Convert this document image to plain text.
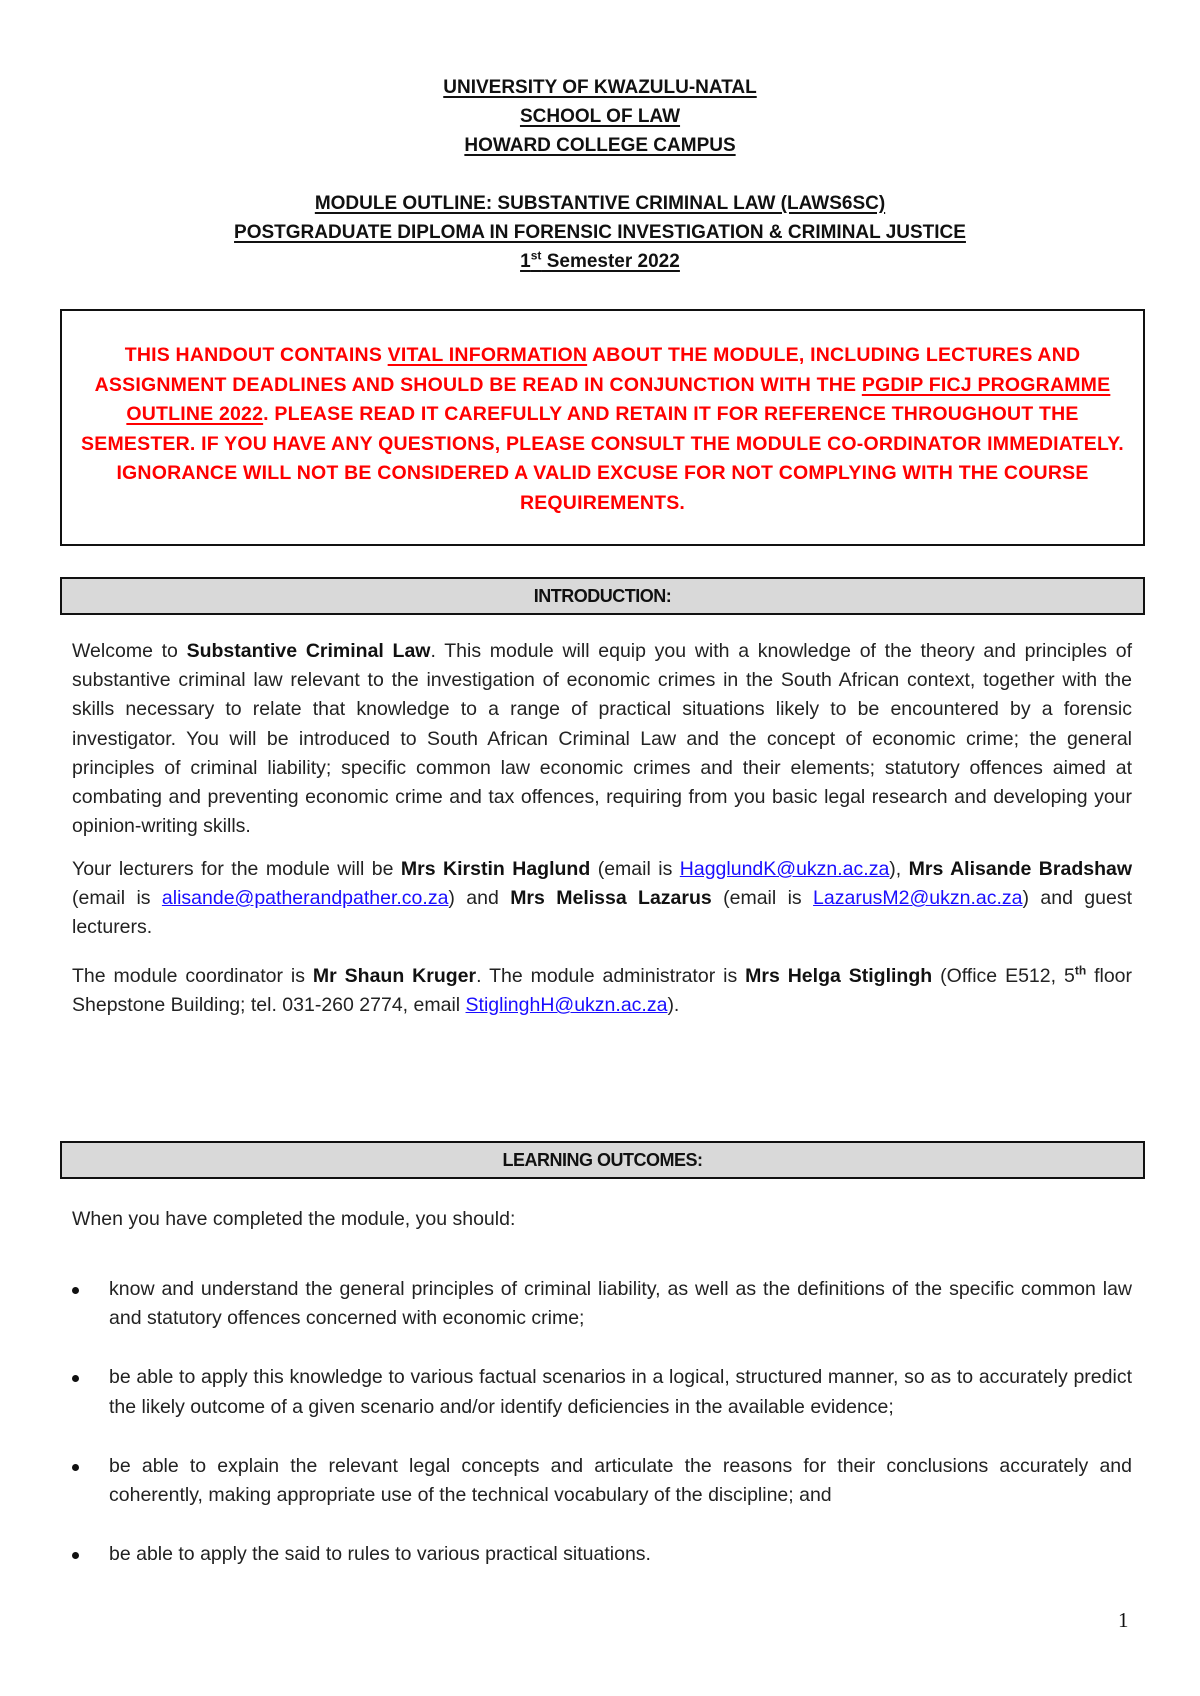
UNIVERSITY OF KWAZULU-NATAL
SCHOOL OF LAW
HOWARD COLLEGE CAMPUS
MODULE OUTLINE: SUBSTANTIVE CRIMINAL LAW (LAWS6SC)
POSTGRADUATE DIPLOMA IN FORENSIC INVESTIGATION & CRIMINAL JUSTICE
1st Semester 2022
THIS HANDOUT CONTAINS VITAL INFORMATION ABOUT THE MODULE, INCLUDING LECTURES AND ASSIGNMENT DEADLINES AND SHOULD BE READ IN CONJUNCTION WITH THE PGDIP FICJ PROGRAMME OUTLINE 2022. PLEASE READ IT CAREFULLY AND RETAIN IT FOR REFERENCE THROUGHOUT THE SEMESTER. IF YOU HAVE ANY QUESTIONS, PLEASE CONSULT THE MODULE CO-ORDINATOR IMMEDIATELY. IGNORANCE WILL NOT BE CONSIDERED A VALID EXCUSE FOR NOT COMPLYING WITH THE COURSE REQUIREMENTS.
INTRODUCTION:
Welcome to Substantive Criminal Law. This module will equip you with a knowledge of the theory and principles of substantive criminal law relevant to the investigation of economic crimes in the South African context, together with the skills necessary to relate that knowledge to a range of practical situations likely to be encountered by a forensic investigator. You will be introduced to South African Criminal Law and the concept of economic crime; the general principles of criminal liability; specific common law economic crimes and their elements; statutory offences aimed at combating and preventing economic crime and tax offences, requiring from you basic legal research and developing your opinion-writing skills.
Your lecturers for the module will be Mrs Kirstin Haglund (email is HagglundK@ukzn.ac.za), Mrs Alisande Bradshaw (email is alisande@patherandpather.co.za) and Mrs Melissa Lazarus (email is LazarusM2@ukzn.ac.za) and guest lecturers.
The module coordinator is Mr Shaun Kruger. The module administrator is Mrs Helga Stiglingh (Office E512, 5th floor Shepstone Building; tel. 031-260 2774, email StiglinghH@ukzn.ac.za).
LEARNING OUTCOMES:
When you have completed the module, you should:
know and understand the general principles of criminal liability, as well as the definitions of the specific common law and statutory offences concerned with economic crime;
be able to apply this knowledge to various factual scenarios in a logical, structured manner, so as to accurately predict the likely outcome of a given scenario and/or identify deficiencies in the available evidence;
be able to explain the relevant legal concepts and articulate the reasons for their conclusions accurately and coherently, making appropriate use of the technical vocabulary of the discipline; and
be able to apply the said to rules to various practical situations.
1
